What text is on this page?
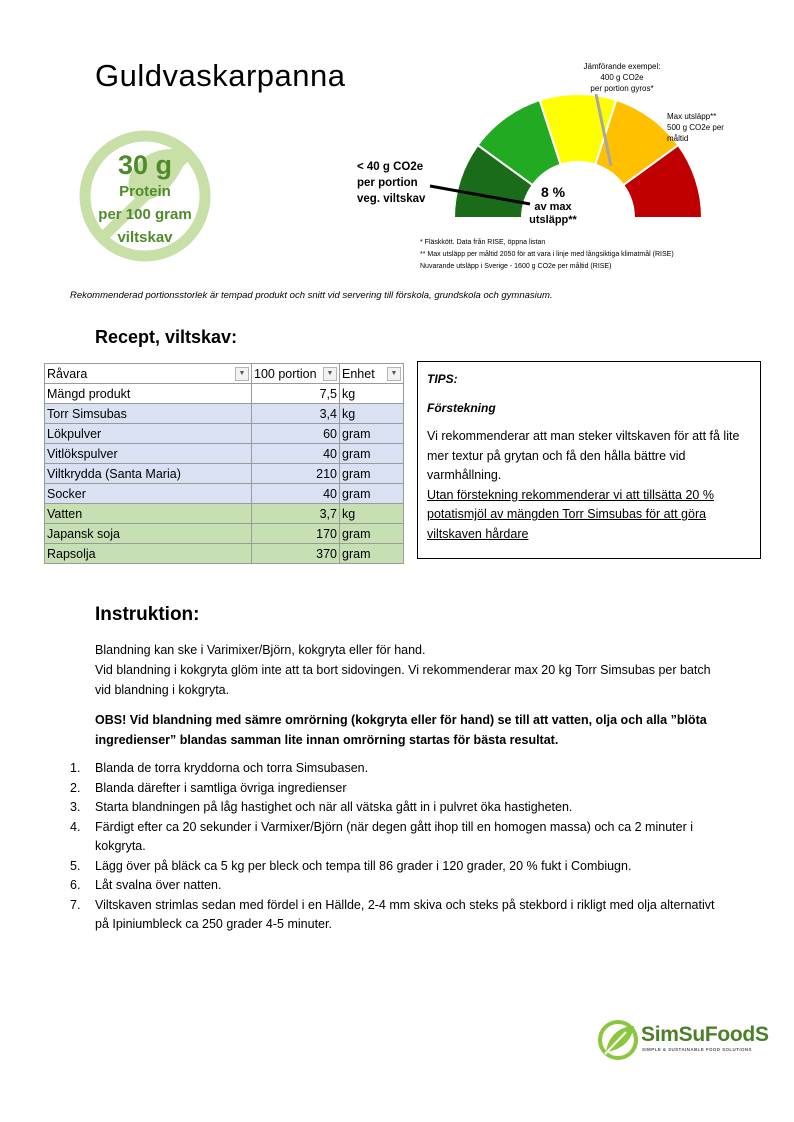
Guldvaskarpanna
30 g
Protein
per 100 gram
viltskav
< 40 g CO2e
per portion
veg. viltskav	8 %
av max
utsläpp**
Jämförande exempel:
400 g CO2e
per portion gyros*
Max utsläpp**
500 g CO2e per
måltid
* Fläskkött. Data från RISE, öppna listan
** Max utsläpp per måltid 2050 för att vara i linje med långsiktiga klimatmål (RISE)
Nuvarande utsläpp i Sverige - 1600 g CO2e per måltid (RISE)
Rekommenderad portionsstorlek är tempad produkt och snitt vid servering till förskola, grundskola och gymnasium.
Recept, viltskav:
Råvara ▼	100 portion ▼	Enhet ▼

Mängd produkt	7,5	kg
Torr Simsubas	3,4	kg
Lökpulver	60	gram
Vitlökspulver	40	gram
Viltkrydda (Santa Maria)	210	gram
Socker	40	gram
Vatten	3,7	kg
Japansk soja	170	gram
Rapsolja	370	gram
TIPS:
Förstekning
Vi rekommenderar att man steker viltskaven för att få lite mer textur på grytan och få den hålla bättre vid varmhållning.
Utan förstekning rekommenderar vi att tillsätta 20 % potatismjöl av mängden Torr Simsubas för att göra viltskaven hårdare
Instruktion:
Blandning kan ske i Varimixer/Björn, kokgryta eller för hand.
Vid blandning i kokgryta glöm inte att ta bort sidovingen. Vi rekommenderar max 20 kg Torr Simsubas per batch vid blandning i kokgryta.
OBS! Vid blandning med sämre omrörning (kokgryta eller för hand) se till att vatten, olja och alla ”blöta ingredienser” blandas samman lite innan omrörning startas för bästa resultat.
1.	Blanda de torra kryddorna och torra Simsubasen.
2.	Blanda därefter i samtliga övriga ingredienser
3.	Starta blandningen på låg hastighet och när all vätska gått in i pulvret öka hastigheten.
4.	Färdigt efter ca 20 sekunder i Varmixer/Björn (när degen gått ihop till en homogen massa) och ca 2 minuter i kokgryta.
5.	Lägg över på bläck ca 5 kg per bleck och tempa till 86 grader i 120 grader, 20 % fukt i Combiugn.
6.	Låt svalna över natten.
7.	Viltskaven strimlas sedan med fördel i en Hällde, 2-4 mm skiva och steks på stekbord i rikligt med olja alternativt på Ipiniumbleck ca 250 grader 4-5 minuter.
SimSuFoodS
SIMPLE & SUSTAINABLE FOOD SOLUTIONS
